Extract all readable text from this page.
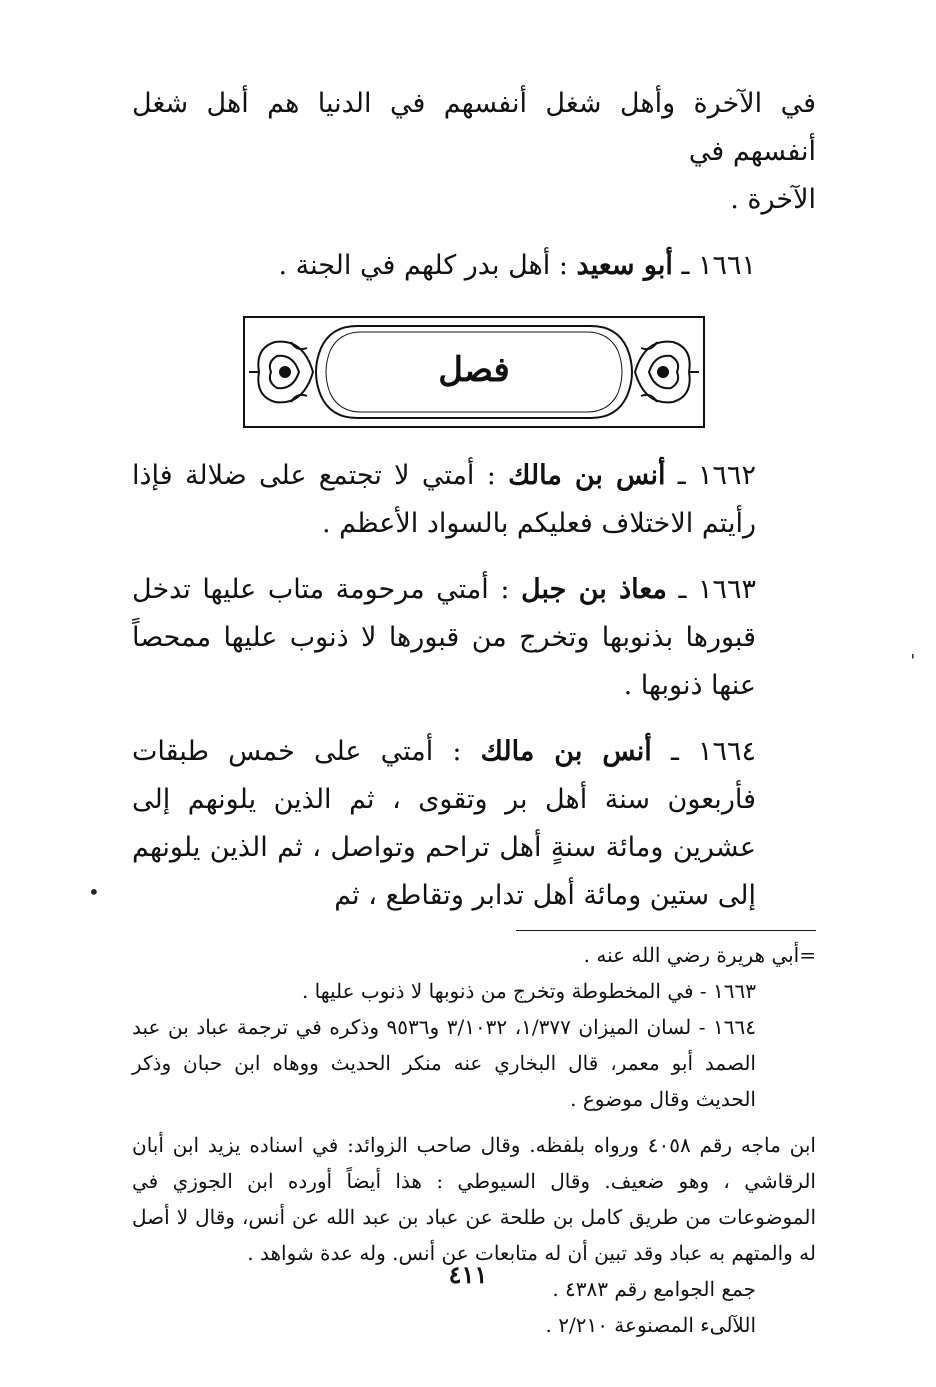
في الآخرة وأهل شغل أنفسهم في الدنيا هم أهل شغل أنفسهم في

الآخرة .

١٦٦١ ـ أبو سعيد : أهل بدر كلهم في الجنة .

فصل

١٦٦٢ ـ أنس بن مالك : أمتي لا تجتمع على ضلالة فإذا رأيتم الاختلاف فعليكم بالسواد الأعظم .

١٦٦٣ ـ معاذ بن جبل : أمتي مرحومة متاب عليها تدخل قبورها بذنوبها وتخرج من قبورها لا ذنوب عليها ممحصاً عنها ذنوبها .

١٦٦٤ ـ أنس بن مالك : أمتي على خمس طبقات فأربعون سنة أهل بر وتقوى ، ثم الذين يلونهم إلى عشرين ومائة سنةٍ أهل تراحم وتواصل ، ثم الذين يلونهم إلى ستين ومائة أهل تدابر وتقاطع ، ثم

=أبي هريرة رضي الله عنه .

١٦٦٣ - في المخطوطة وتخرج من ذنوبها لا ذنوب عليها .

١٦٦٤ - لسان الميزان ١/٣٧٧، ٣/١٠٣٢ و٩٥٣٦ وذكره في ترجمة عباد بن عبد الصمد أبو معمر، قال البخاري عنه منكر الحديث ووهاه ابن حبان وذكر الحديث وقال موضوع .

ابن ماجه رقم ٤٠٥٨ ورواه بلفظه. وقال صاحب الزوائد: في اسناده يزيد ابن أبان الرقاشي ، وهو ضعيف. وقال السيوطي : هذا أيضاً أورده ابن الجوزي في الموضوعات من طريق كامل بن طلحة عن عباد بن عبد الله عن أنس، وقال لا أصل له والمتهم به عباد وقد تبين أن له متابعات عن أنس. وله عدة شواهد .

جمع الجوامع رقم ٤٣٨٣ .

اللآلىء المصنوعة ٢/٢١٠ .

•
ˈ
٤١١
